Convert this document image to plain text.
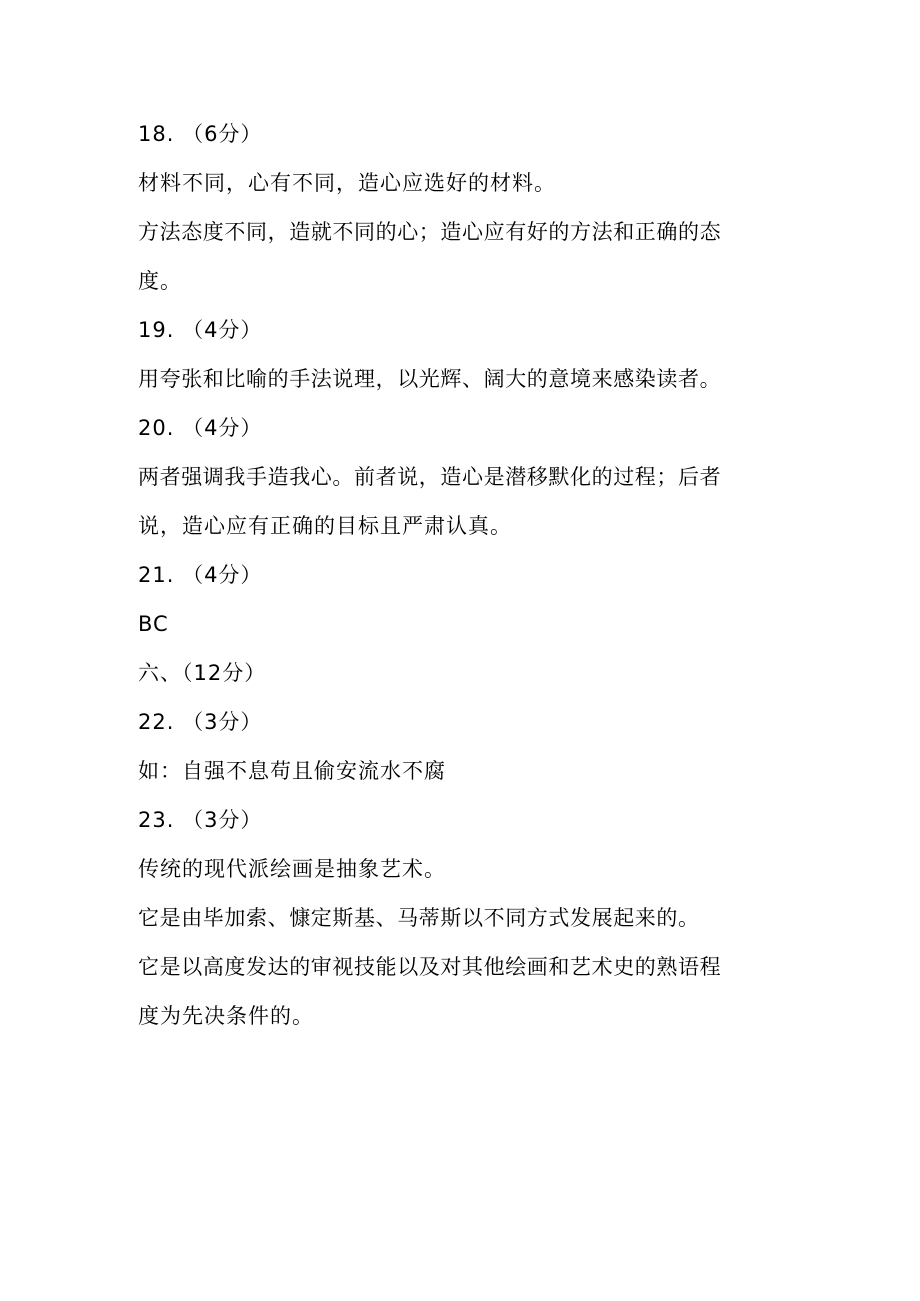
18. （6分）
材料不同，心有不同，造心应选好的材料。
方法态度不同，造就不同的心；造心应有好的方法和正确的态
度。
19. （4分）
用夸张和比喻的手法说理，以光辉、阔大的意境来感染读者。
20. （4分）
两者强调我手造我心。前者说，造心是潜移默化的过程；后者
说，造心应有正确的目标且严肃认真。
21. （4分）
BC
六、（12分）
22. （3分）
如：自强不息苟且偷安流水不腐
23. （3分）
传统的现代派绘画是抽象艺术。
它是由毕加索、慷定斯基、马蒂斯以不同方式发展起来的。
它是以高度发达的审视技能以及对其他绘画和艺术史的熟语程
度为先决条件的。
